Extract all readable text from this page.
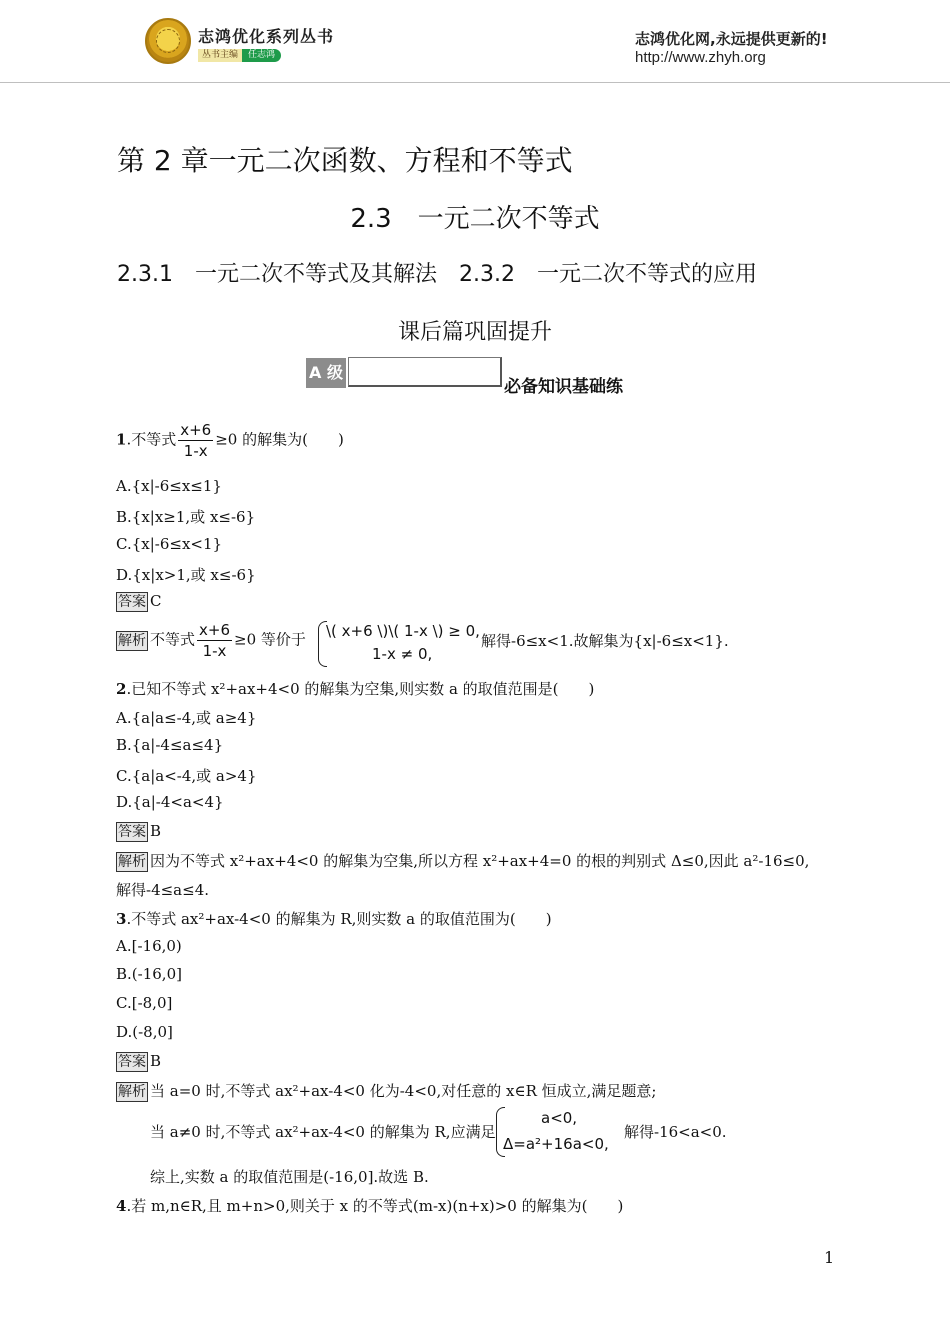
志鸿优化系列丛书
丛书主编	任志鸿
志鸿优化网,永远提供更新的!
http://www.zhyh.org
第 2 章一元二次函数、方程和不等式
2.3　一元二次不等式
2.3.1　一元二次不等式及其解法　2.3.2　一元二次不等式的应用
课后篇巩固提升
A 级
必备知识基础练
1.不等式 $\frac{x+6}{1-x} \ge 0$ 的解集为(　　)
A.{x|-6≤x≤1}
B.{x|x≥1,或 x≤-6}
C.{x|-6≤x<1}
D.{x|x>1,或 x≤-6}
答案 C
解析 不等式 $\frac{x+6}{1-x} \ge 0$ 等价于 \( x+6 \)\( 1-x \) ≥ 0,
1-x ≠ 0,
解得-6≤x<1.故解集为{x|-6≤x<1}.
2.已知不等式 x²+ax+4<0 的解集为空集,则实数 a 的取值范围是(　　)
A.{a|a≤-4,或 a≥4}
B.{a|-4≤a≤4}
C.{a|a<-4,或 a>4}
D.{a|-4<a<4}
答案 B
解析 因为不等式 x²+ax+4<0 的解集为空集,所以方程 x²+ax+4=0 的根的判别式 Δ≤0,因此 a²-16≤0,
解得-4≤a≤4.
3.不等式 ax²+ax-4<0 的解集为 R,则实数 a 的取值范围为(　　)
A.[-16,0)
B.(-16,0]
C.[-8,0]
D.(-8,0]
答案 B
解析 当 a=0 时,不等式 ax²+ax-4<0 化为-4<0,对任意的 x∈R 恒成立,满足题意;
当 a≠0 时,不等式 ax²+ax-4<0 的解集为 R,应满足
a<0,
Δ=a²+16a<0,
解得-16<a<0.
综上,实数 a 的取值范围是(-16,0].故选 B.
4.若 m,n∈R,且 m+n>0,则关于 x 的不等式(m-x)(n+x)>0 的解集为(　　)
1
